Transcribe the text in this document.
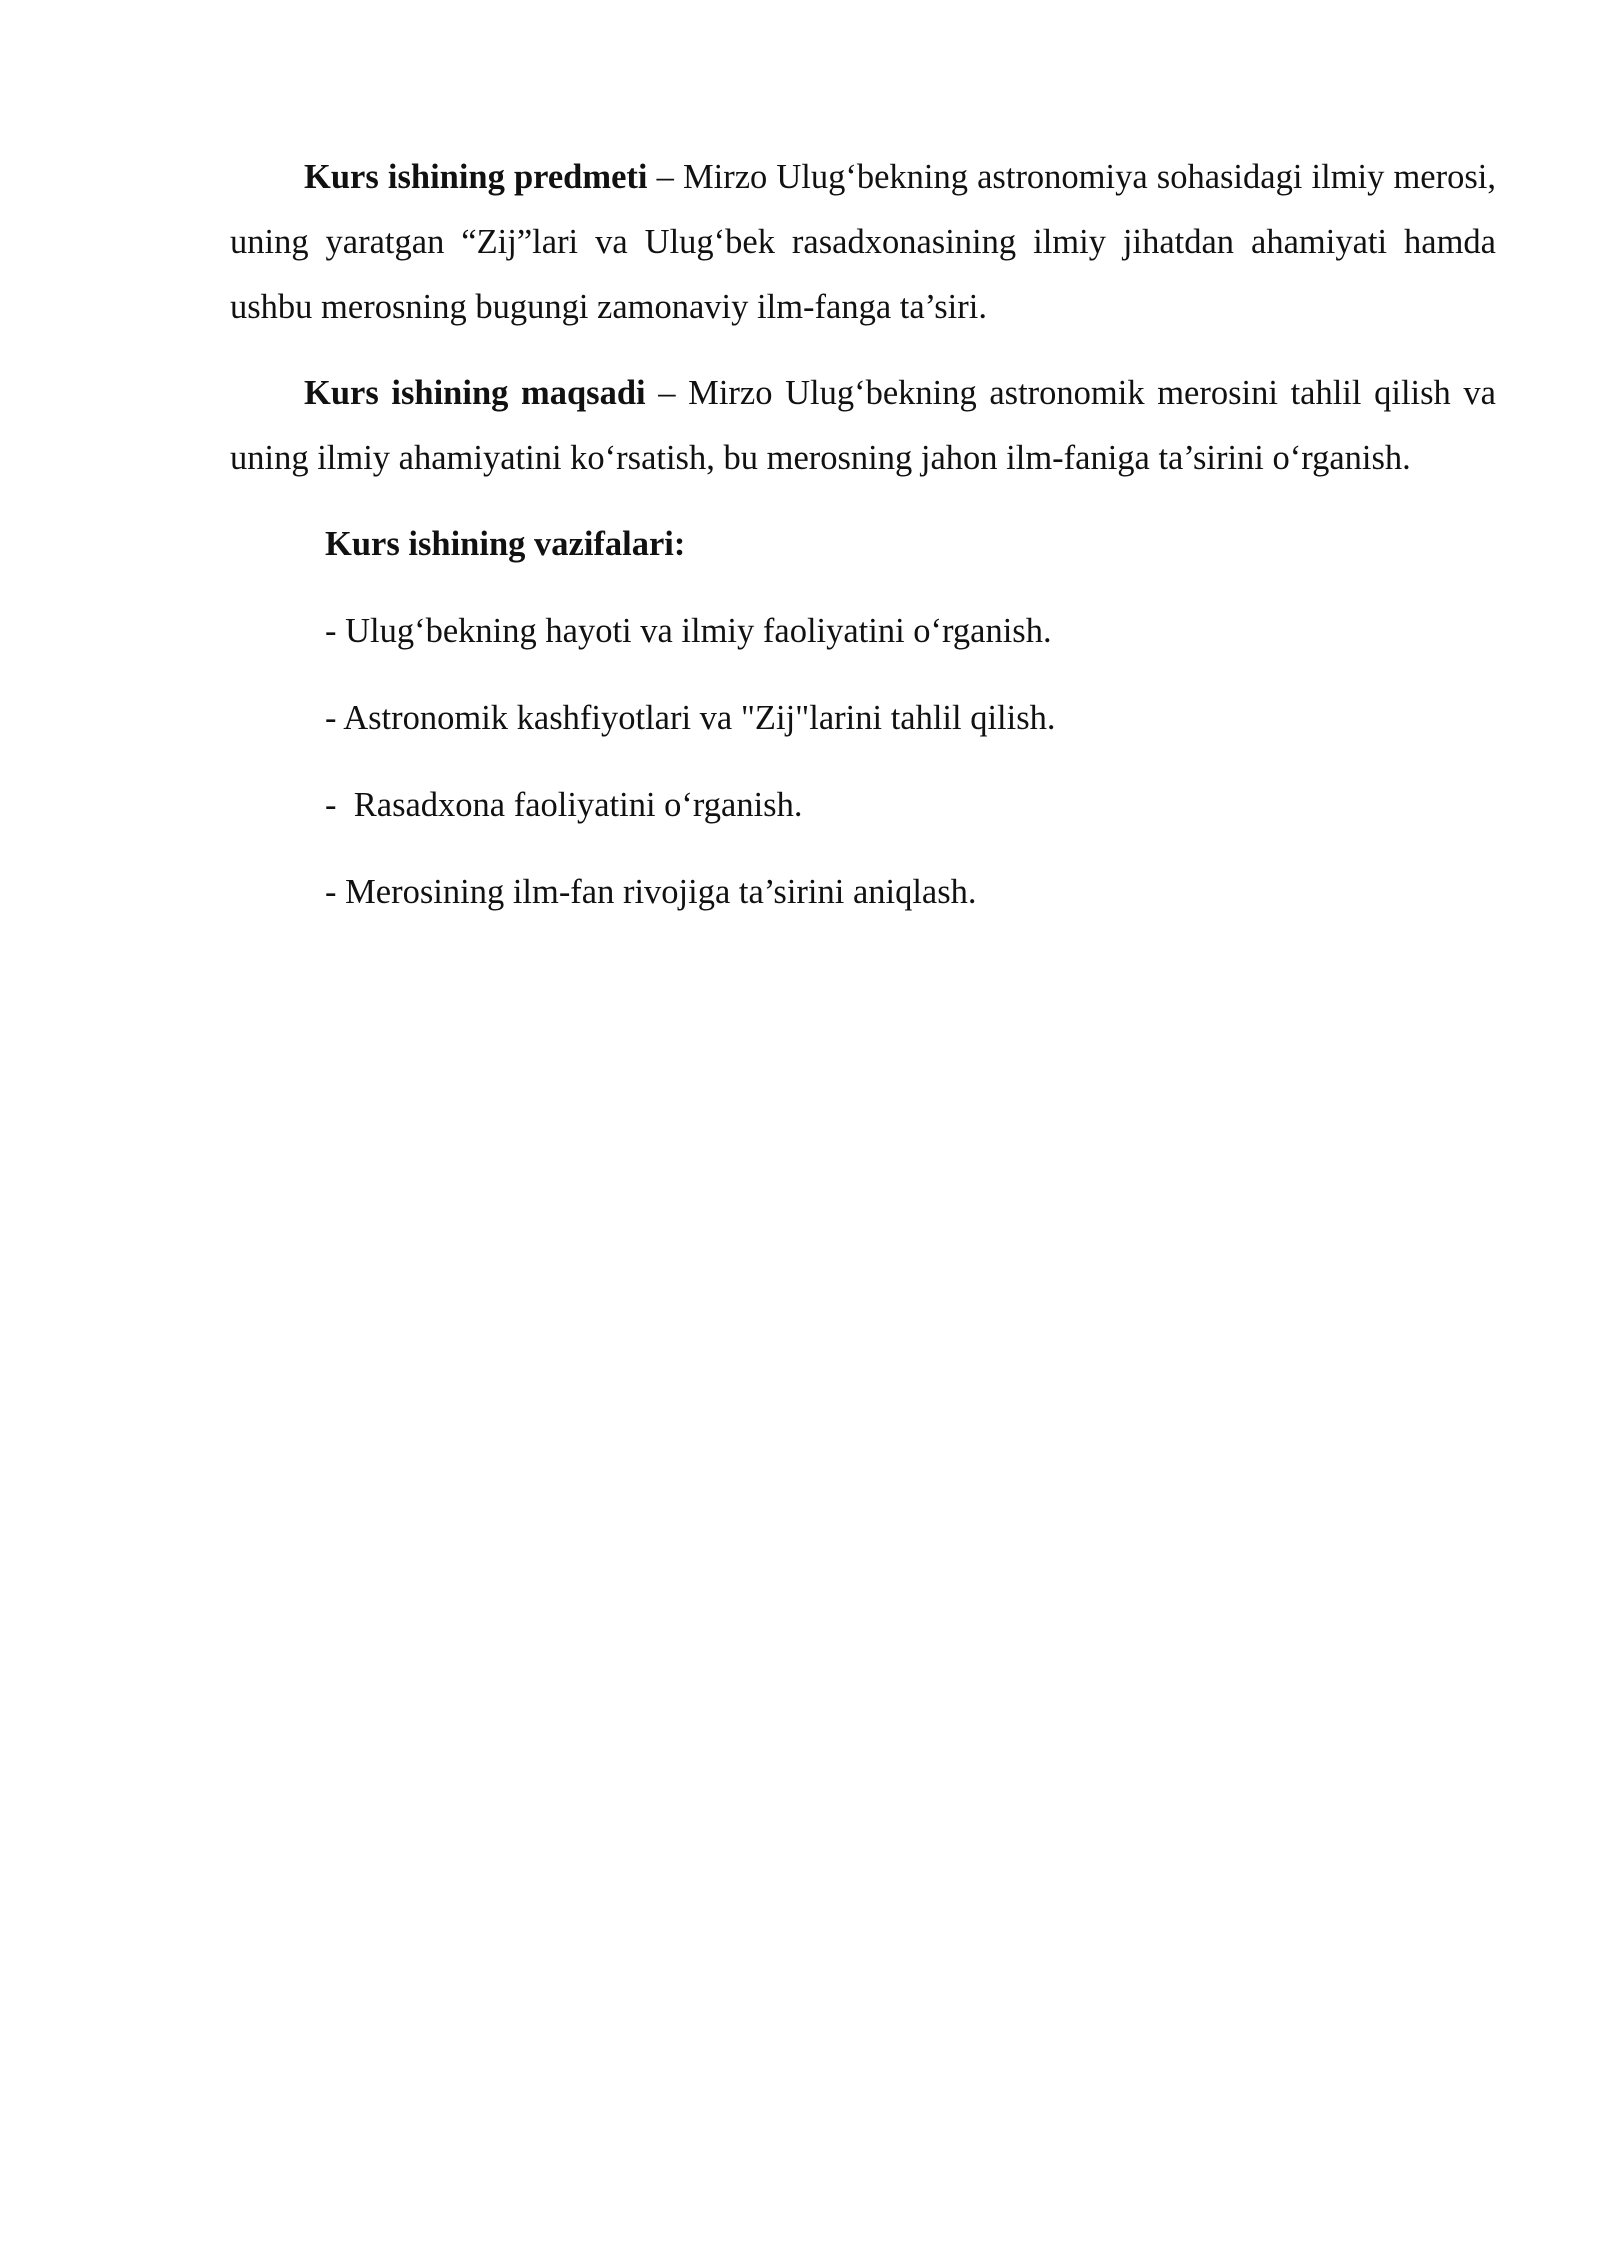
Kurs ishining predmeti – Mirzo Ulug‘bekning astronomiya sohasidagi ilmiy merosi, uning yaratgan “Zij”lari va Ulug‘bek rasadxonasining ilmiy jihatdan ahamiyati hamda ushbu merosning bugungi zamonaviy ilm-fanga ta’siri.

Kurs ishining maqsadi – Mirzo Ulug‘bekning astronomik merosini tahlil qilish va uning ilmiy ahamiyatini ko‘rsatish, bu merosning jahon ilm-faniga ta’sirini o‘rganish.

Kurs ishining vazifalari:
- Ulug‘bekning hayoti va ilmiy faoliyatini o‘rganish.
- Astronomik kashfiyotlari va "Zij"larini tahlil qilish.
-  Rasadxona faoliyatini o‘rganish.
- Merosining ilm-fan rivojiga ta’sirini aniqlash.
